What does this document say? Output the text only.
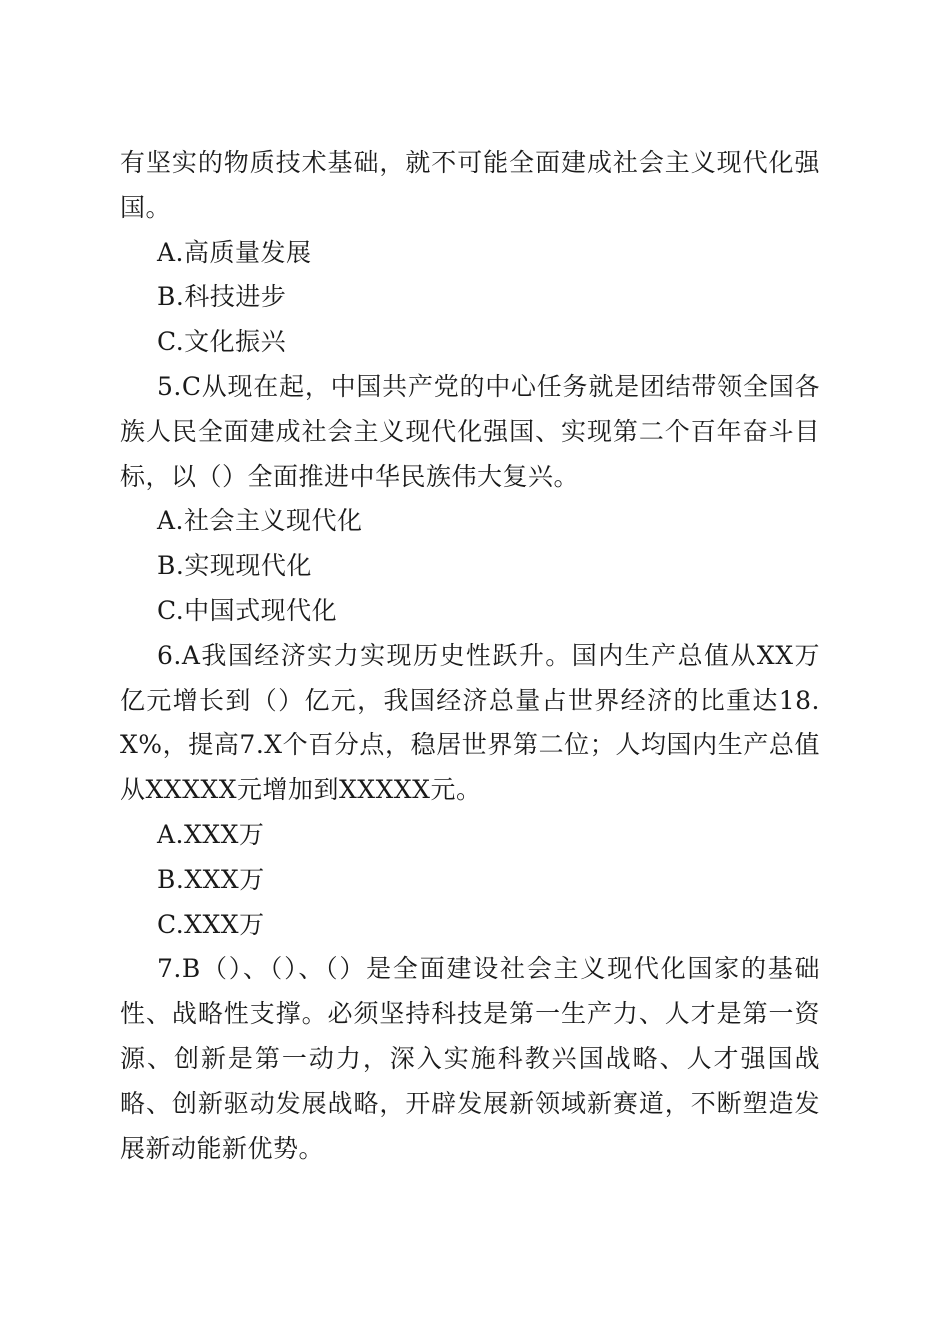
有坚实的物质技术基础，就不可能全面建成社会主义现代化强

国。

A.高质量发展

B.科技进步

C.文化振兴

5.C从现在起，中国共产党的中心任务就是团结带领全国各族人民全面建成社会主义现代化强国、实现第二个百年奋斗目标，以（）全面推进中华民族伟大复兴。

A.社会主义现代化

B.实现现代化

C.中国式现代化

6.A我国经济实力实现历史性跃升。国内生产总值从XX万亿元增长到（）亿元，我国经济总量占世界经济的比重达18.X%，提高7.X个百分点，稳居世界第二位；人均国内生产总值从XXXXX元增加到XXXXX元。

A.XXX万

B.XXX万

C.XXX万

7.B（）、（）、（）是全面建设社会主义现代化国家的基础性、战略性支撑。必须坚持科技是第一生产力、人才是第一资源、创新是第一动力，深入实施科教兴国战略、人才强国战略、创新驱动发展战略，开辟发展新领域新赛道，不断塑造发展新动能新优势。
